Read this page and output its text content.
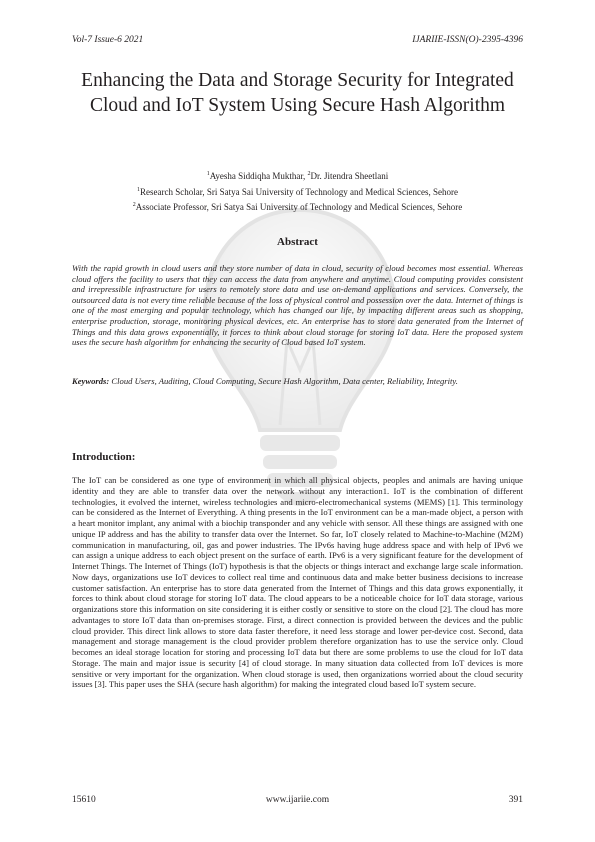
Vol-7 Issue-6 2021	IJARIIE-ISSN(O)-2395-4396
Enhancing the Data and Storage Security for Integrated Cloud and IoT System Using Secure Hash Algorithm
$^1$Ayesha Siddiqha Mukthar, $^2$Dr. Jitendra Sheetlani
$^1$Research Scholar, Sri Satya Sai University of Technology and Medical Sciences, Sehore
$^2$Associate Professor, Sri Satya Sai University of Technology and Medical Sciences, Sehore
Abstract

With the rapid growth in cloud users and they store number of data in cloud, security of cloud becomes most essential. Whereas cloud offers the facility to users that they can access the data from anywhere and anytime. Cloud computing provides consistent and irrepressible infrastructure for users to remotely store data and use on-demand applications and services. Conversely, the outsourced data is not every time reliable because of the loss of physical control and possession over the data. Internet of things is one of the most emerging and popular technology, which has changed our life, by impacting different areas such as shopping, enterprise production, storage, monitoring physical devices, etc. An enterprise has to store data generated from the Internet of Things and this data grows exponentially, it forces to think about cloud storage for storing IoT data. Here the proposed system uses the secure hash algorithm for enhancing the security of Cloud based IoT system.

Keywords: Cloud Users, Auditing, Cloud Computing, Secure Hash Algorithm, Data center, Reliability, Integrity.

Introduction:

The IoT can be considered as one type of environment in which all physical objects, peoples and animals are having unique identity and they are able to transfer data over the network without any interaction1. IoT is the combination of different technologies, it evolved the internet, wireless technologies and micro-electromechanical systems (MEMS) [1]. This terminology can be considered as the Internet of Everything. A thing presents in the IoT environment can be a man-made object, a person with a heart monitor implant, any animal with a biochip transponder and any vehicle with sensor. All these things are assigned with one unique IP address and has the ability to transfer data over the Internet. So far, IoT closely related to Machine-to-Machine (M2M) communication in manufacturing, oil, gas and power industries. The IPv6s having huge address space and with help of IPv6 we can assign a unique address to each object present on the surface of earth. IPv6 is a very significant feature for the development of Internet Things. The Internet of Things (IoT) hypothesis is that the objects or things interact and exchange large scale information. Now days, organizations use IoT devices to collect real time and continuous data and make better business decisions to increase customer satisfaction. An enterprise has to store data generated from the Internet of Things and this data grows exponentially, it forces to think about cloud storage for storing IoT data. The cloud appears to be a noticeable choice for IoT data storage, various organizations store this information on site considering it is either costly or sensitive to store on the cloud [2]. The cloud has more advantages to store IoT data than on-premises storage. First, a direct connection is provided between the devices and the public cloud provider. This direct link allows to store data faster therefore, it need less storage and lower per-device cost. Second, data management and storage management is the cloud provider problem therefore organization has to use the service only. Cloud becomes an ideal storage location for storing and processing IoT data but there are some problems to use the cloud for IoT data Storage. The main and major issue is security [4] of cloud storage. In many situation data collected from IoT devices is more sensitive or very important for the organization. When cloud storage is used, then organizations worried about the cloud security issues [3]. This paper uses the SHA (secure hash algorithm) for making the integrated cloud based IoT system secure.

15610	www.ijariie.com	391
